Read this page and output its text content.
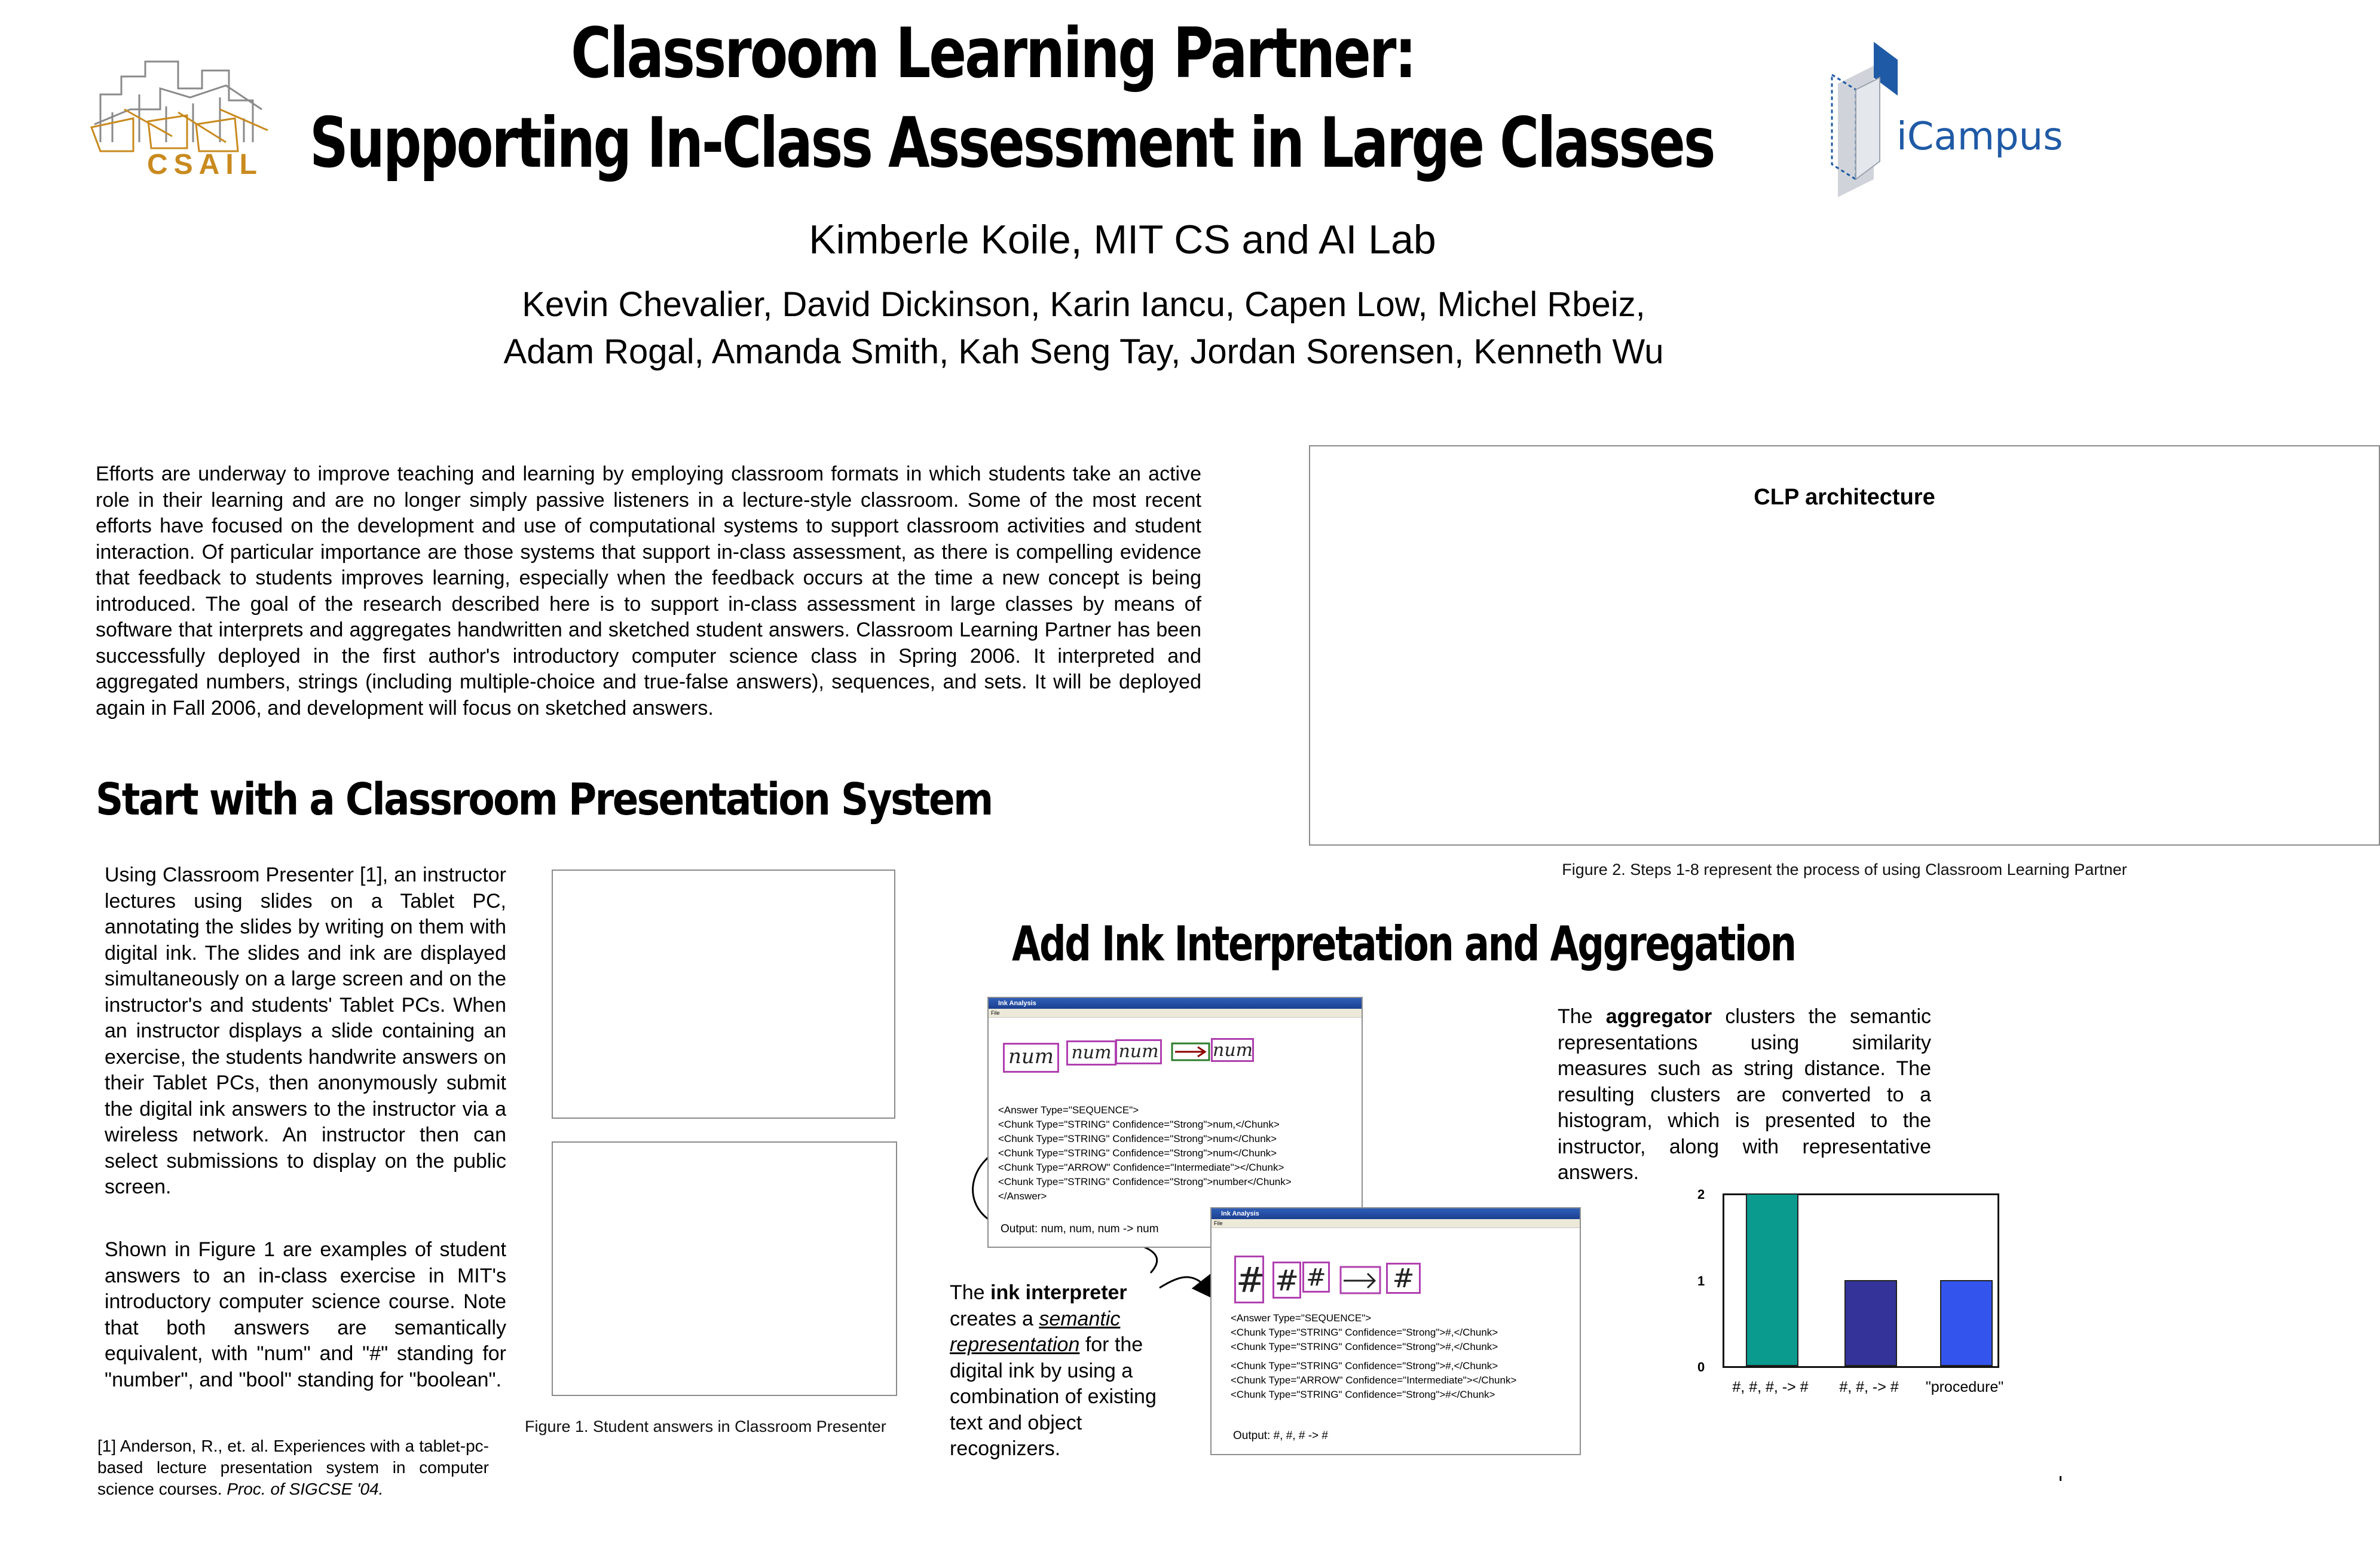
CSAIL
Classroom Learning Partner:
Supporting In-Class Assessment in Large Classes	iCampus
Kimberle Koile, MIT CS and AI Lab
Kevin Chevalier, David Dickinson, Karin Iancu, Capen Low, Michel Rbeiz,
Adam Rogal, Amanda Smith, Kah Seng Tay, Jordan Sorensen, Kenneth Wu
Efforts are underway to improve teaching and learning by employing classroom formats in which students take an active role in their learning and are no longer simply passive listeners in a lecture-style classroom. Some of the most recent efforts have focused on the development and use of computational systems to support classroom activities and student interaction. Of particular importance are those systems that support in-class assessment, as there is compelling evidence that feedback to students improves learning, especially when the feedback occurs at the time a new concept is being introduced. The goal of the research described here is to support in-class assessment in large classes by means of software that interprets and aggregates handwritten and sketched student answers. Classroom Learning Partner has been successfully deployed in the first author's introductory computer science class in Spring 2006. It interpreted and aggregated numbers, strings (including multiple-choice and true-false answers), sequences, and sets. It will be deployed again in Fall 2006, and development will focus on sketched answers.
CLP architecture
Figure 2. Steps 1-8 represent the process of using Classroom Learning Partner
Start with a Classroom Presentation System
Using Classroom Presenter [1], an instructor lectures using slides on a Tablet PC, annotating the slides by writing on them with digital ink. The slides and ink are displayed simultaneously on a large screen and on the instructor's and students' Tablet PCs. When an instructor displays a slide containing an exercise, the students handwrite answers on their Tablet PCs, then anonymously submit the digital ink answers to the instructor via a wireless network. An instructor then can select submissions to display on the public screen.
Shown in Figure 1 are examples of student answers to an in-class exercise in MIT's introductory computer science course. Note that both answers are semantically equivalent, with "num" and "#" standing for "number", and "bool" standing for "boolean".
Figure 1. Student answers in Classroom Presenter
[1] Anderson, R., et. al. Experiences with a tablet-pc-based lecture presentation system in computer science courses. Proc. of SIGCSE '04.
Add Ink Interpretation and Aggregation
The aggregator clusters the semantic representations using similarity measures such as string distance. The resulting clusters are converted to a histogram, which is presented to the instructor, along with representative answers.
The ink interpreter creates a semantic representation for the digital ink by using a combination of existing text and object recognizers.
Ink Analysis
File
num num num	num
<Answer Type="SEQUENCE">
<Chunk Type="STRING" Confidence="Strong">num,</Chunk>
<Chunk Type="STRING" Confidence="Strong">num</Chunk>
<Chunk Type="STRING" Confidence="Strong">num</Chunk>
<Chunk Type="ARROW" Confidence="Intermediate"></Chunk>
<Chunk Type="STRING" Confidence="Strong">number</Chunk>
</Answer>
Output: num, num, num -> num
Ink Analysis
File
# # #	#
<Answer Type="SEQUENCE">
<Chunk Type="STRING" Confidence="Strong">#,</Chunk>
<Chunk Type="STRING" Confidence="Strong">#,</Chunk>
<Chunk Type="STRING" Confidence="Strong">#,</Chunk>
<Chunk Type="ARROW" Confidence="Intermediate"></Chunk>
<Chunk Type="STRING" Confidence="Strong">#</Chunk>
Output: #, #, # -> #
#, #, #, -> #	#, #, -> #	"procedure"
0
1
2
